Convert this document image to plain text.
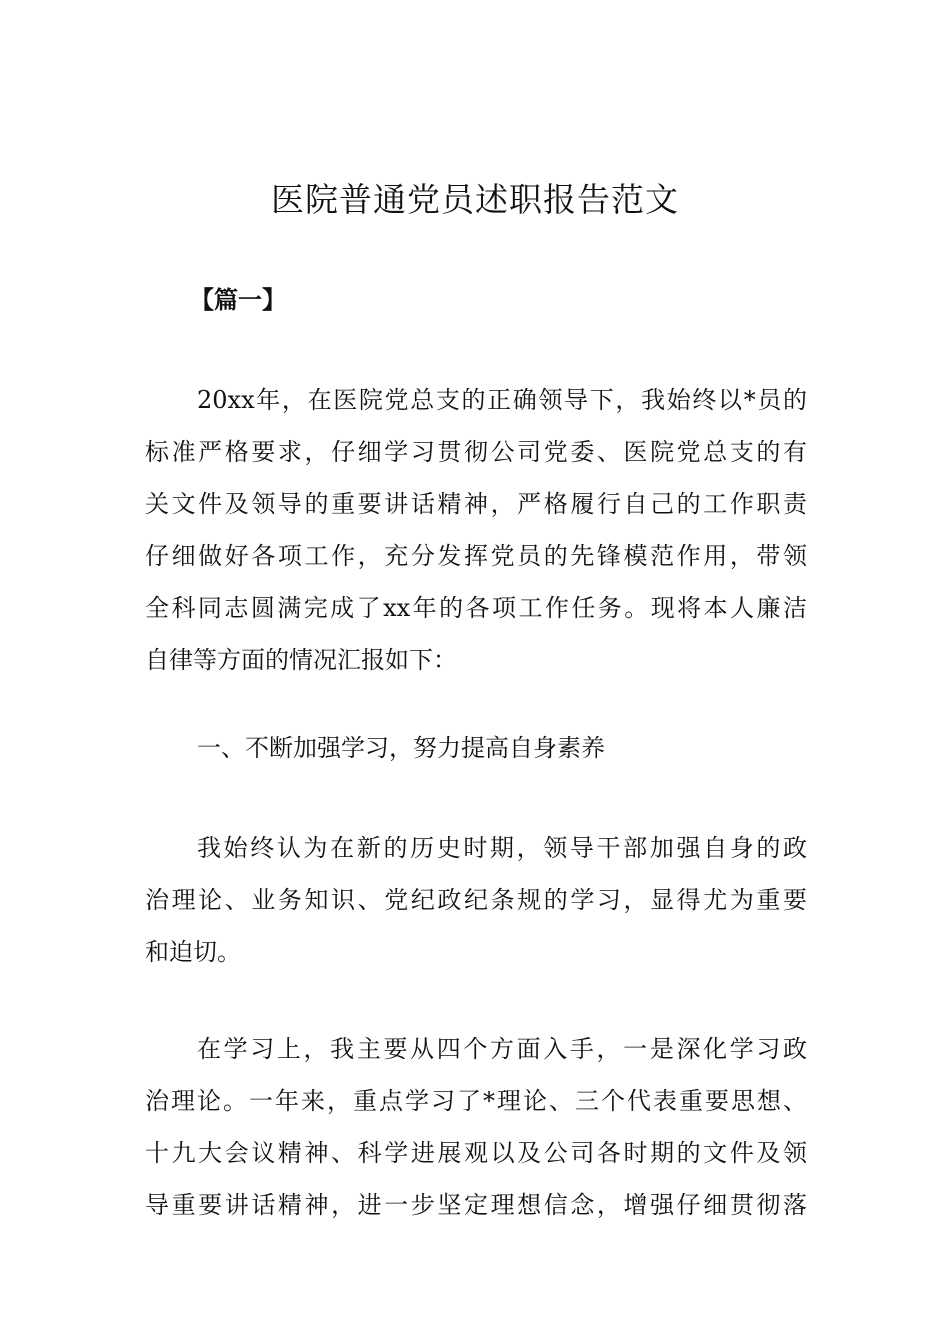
医院普通党员述职报告范文
【篇一】
20xx年，在医院党总支的正确领导下，我始终以*员的
标准严格要求，仔细学习贯彻公司党委、医院党总支的有
关文件及领导的重要讲话精神，严格履行自己的工作职责
仔细做好各项工作，充分发挥党员的先锋模范作用，带领
全科同志圆满完成了xx年的各项工作任务。现将本人廉洁
自律等方面的情况汇报如下：
一、不断加强学习，努力提高自身素养
我始终认为在新的历史时期，领导干部加强自身的政
治理论、业务知识、党纪政纪条规的学习，显得尤为重要
和迫切。
在学习上，我主要从四个方面入手，一是深化学习政
治理论。一年来，重点学习了*理论、三个代表重要思想、
十九大会议精神、科学进展观以及公司各时期的文件及领
导重要讲话精神，进一步坚定理想信念，增强仔细贯彻落
